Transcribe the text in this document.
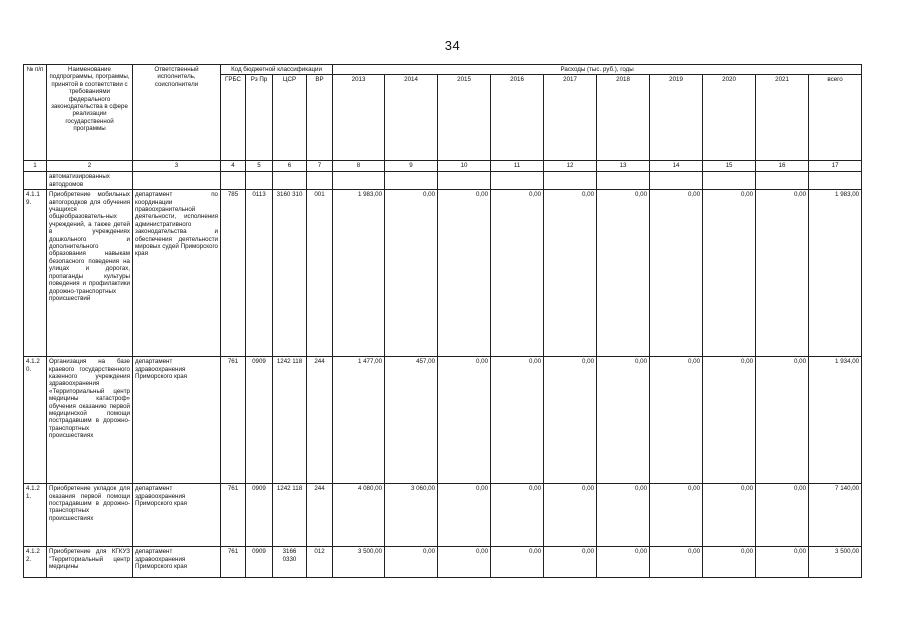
34
№ п/п	Наименование подпрограммы, программы, принятой в соответствии с требованиями федерального законодательства в сфере реализации государственной программы	Ответственный исполнитель, соисполнители	Код бюджетной классификации				Расходы (тыс. руб.), годы									
			ГРБС	Рз Пр	ЦСР	ВР	2013	2014	2015	2016	2017	2018	2019	2020	2021	всего
1	2	3	4	5	6	7	8	9	10	11	12	13	14	15	16	17
	автоматизированных автодромов															
4.1.1 9.	Приобретение мобильных автогородков для обучения учащихся общеобразователь-ных учреждений, а также детей в учреждениях дошкольного и дополнительного образования навыкам безопасного поведения на улицах и дорогах, пропаганды культуры поведения и профилактики дорожно-транспортных происшествий	департамент по координации правоохранительной деятельности, исполнения административного законодательства и обеспечения деятельности мировых судей Приморского края	785	0113	3160 310	001	1 983,00	0,00	0,00	0,00	0,00	0,00	0,00	0,00	0,00	1 983,00
4.1.2 0.	Организация на базе краевого государственного казенного учреждения здравоохранения «Территориальный центр медицины катастроф» обучения оказанию первой медицинской помощи пострадавшим в дорожно-транспортных происшествиях	департамент здравоохранения Приморского края	761	0909	1242 118	244	1 477,00	457,00	0,00	0,00	0,00	0,00	0,00	0,00	0,00	1 934,00
4.1.2 1.	Приобретение укладок для оказания первой помощи пострадавшим в дорожно-транспортных происшествиях	департамент здравоохранения Приморского края	761	0909	1242 118	244	4 080,00	3 060,00	0,00	0,00	0,00	0,00	0,00	0,00	0,00	7 140,00
4.1.2 2.	Приобретение для КГКУЗ "Территориальный центр медицины	департамент здравоохранения Приморского края	761	0909	3166 0330	012	3 500,00	0,00	0,00	0,00	0,00	0,00	0,00	0,00	0,00	3 500,00
